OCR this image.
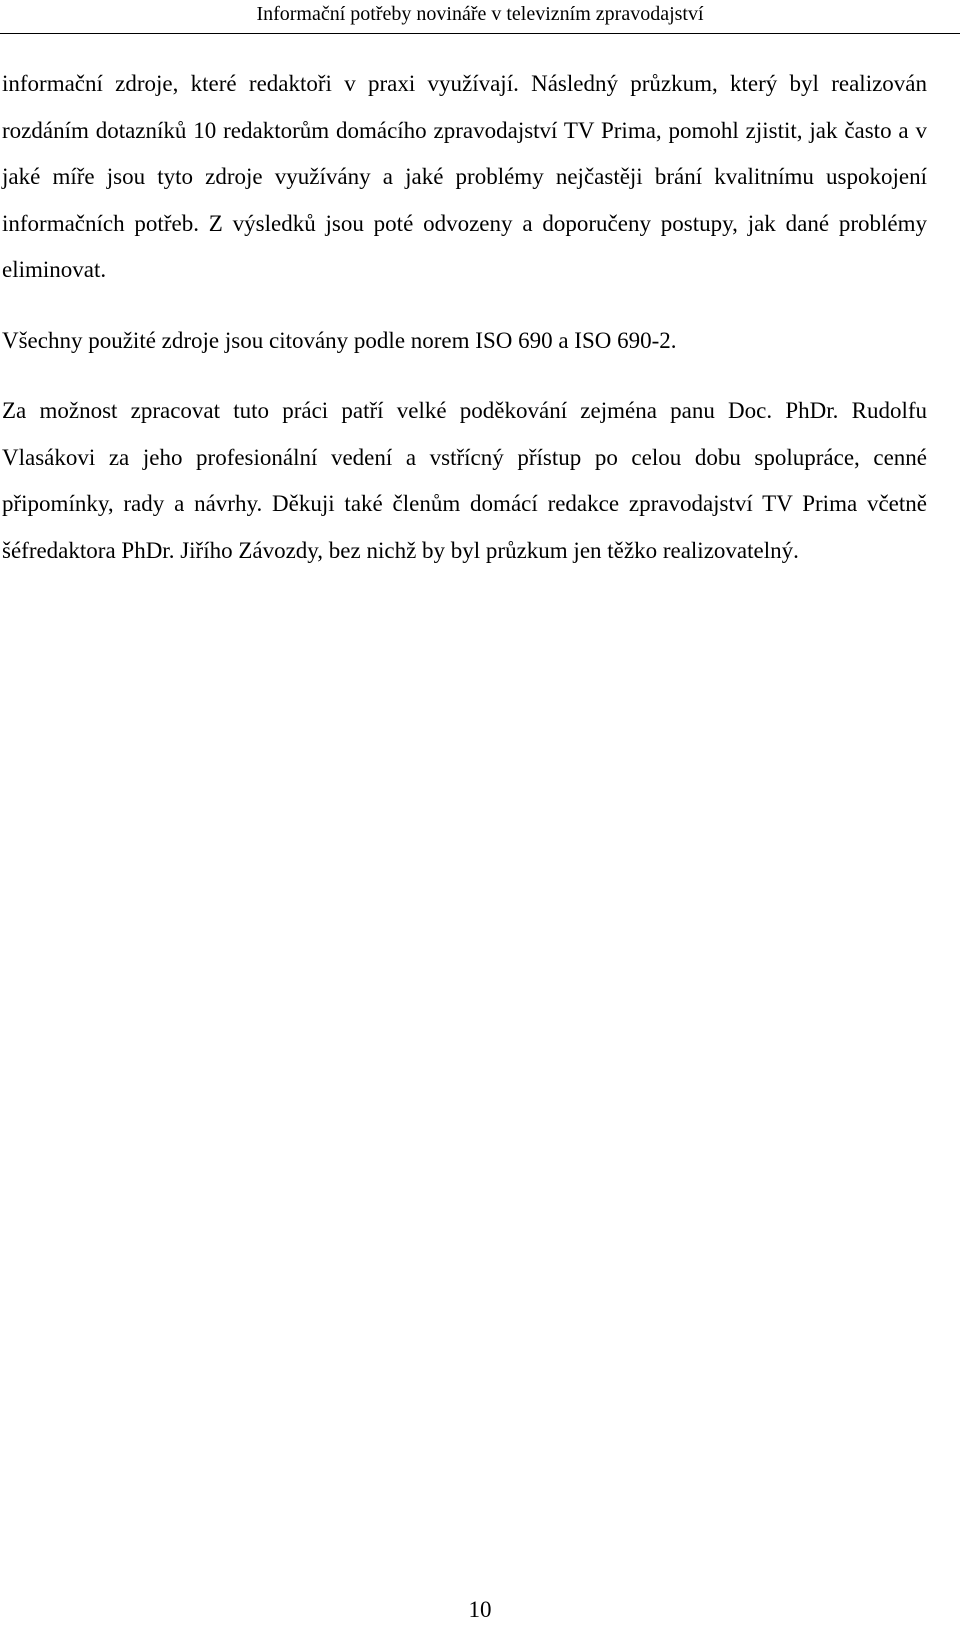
Informační potřeby novináře v televizním zpravodajství

informační zdroje, které redaktoři v praxi využívají. Následný průzkum, který byl realizován rozdáním dotazníků 10 redaktorům domácího zpravodajství TV Prima, pomohl zjistit, jak často a v jaké míře jsou tyto zdroje využívány a jaké problémy nejčastěji brání kvalitnímu uspokojení informačních potřeb. Z výsledků jsou poté odvozeny a doporučeny postupy, jak dané problémy eliminovat.

Všechny použité zdroje jsou citovány podle norem ISO 690 a ISO 690-2.

Za možnost zpracovat tuto práci patří velké poděkování zejména panu Doc. PhDr. Rudolfu Vlasákovi za jeho profesionální vedení a vstřícný přístup po celou dobu spolupráce, cenné připomínky, rady a návrhy. Děkuji také členům domácí redakce zpravodajství TV Prima včetně šéfredaktora PhDr. Jiřího Závozdy, bez nichž by byl průzkum jen těžko realizovatelný.

10
